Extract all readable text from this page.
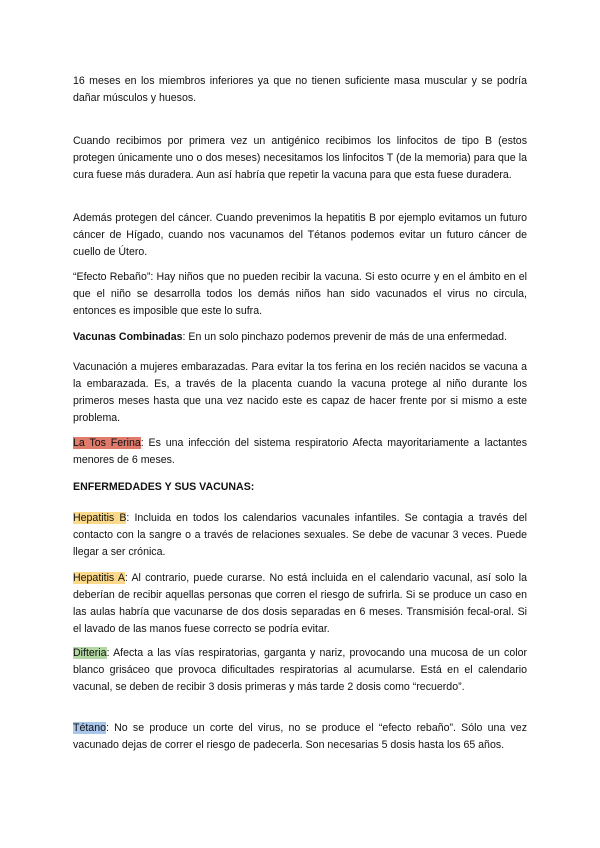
16 meses en los miembros inferiores ya que no tienen suficiente masa muscular y se podría dañar músculos y huesos.

Cuando recibimos por primera vez un antigénico recibimos los linfocitos de tipo B (estos protegen únicamente uno o dos meses) necesitamos los linfocitos T (de la memoria) para que la cura fuese más duradera. Aun así habría que repetir la vacuna para que esta fuese duradera.

Además protegen del cáncer. Cuando prevenimos la hepatitis B por ejemplo evitamos un futuro cáncer de Hígado, cuando nos vacunamos del Tétanos podemos evitar un futuro cáncer de cuello de Útero.

“Efecto Rebaño”: Hay niños que no pueden recibir la vacuna. Si esto ocurre y en el ámbito en el que el niño se desarrolla todos los demás niños han sido vacunados el virus no circula, entonces es imposible que este lo sufra.

Vacunas Combinadas: En un solo pinchazo podemos prevenir de más de una enfermedad.

Vacunación a mujeres embarazadas. Para evitar la tos ferina en los recién nacidos se vacuna a la embarazada. Es, a través de la placenta cuando la vacuna protege al niño durante los primeros meses hasta que una vez nacido este es capaz de hacer frente por si mismo a este problema.

La Tos Ferina: Es una infección del sistema respiratorio Afecta mayoritariamente a lactantes menores de 6 meses.

ENFERMEDADES Y SUS VACUNAS:

Hepatitis B: Incluida en todos los calendarios vacunales infantiles. Se contagia a través del contacto con la sangre o a través de relaciones sexuales. Se debe de vacunar 3 veces. Puede llegar a ser crónica.

Hepatitis A: Al contrario, puede curarse. No está incluida en el calendario vacunal, así solo la deberían de recibir aquellas personas que corren el riesgo de sufrirla. Si se produce un caso en las aulas habría que vacunarse de dos dosis separadas en 6 meses. Transmisión fecal-oral. Si el lavado de las manos fuese correcto se podría evitar.

Difteria: Afecta a las vías respiratorias, garganta y nariz, provocando una mucosa de un color blanco grisáceo que provoca dificultades respiratorias al acumularse. Está en el calendario vacunal, se deben de recibir 3 dosis primeras y más tarde 2 dosis como “recuerdo”.

Tétano: No se produce un corte del virus, no se produce el “efecto rebaño”. Sólo una vez vacunado dejas de correr el riesgo de padecerla. Son necesarias 5 dosis hasta los 65 años.
